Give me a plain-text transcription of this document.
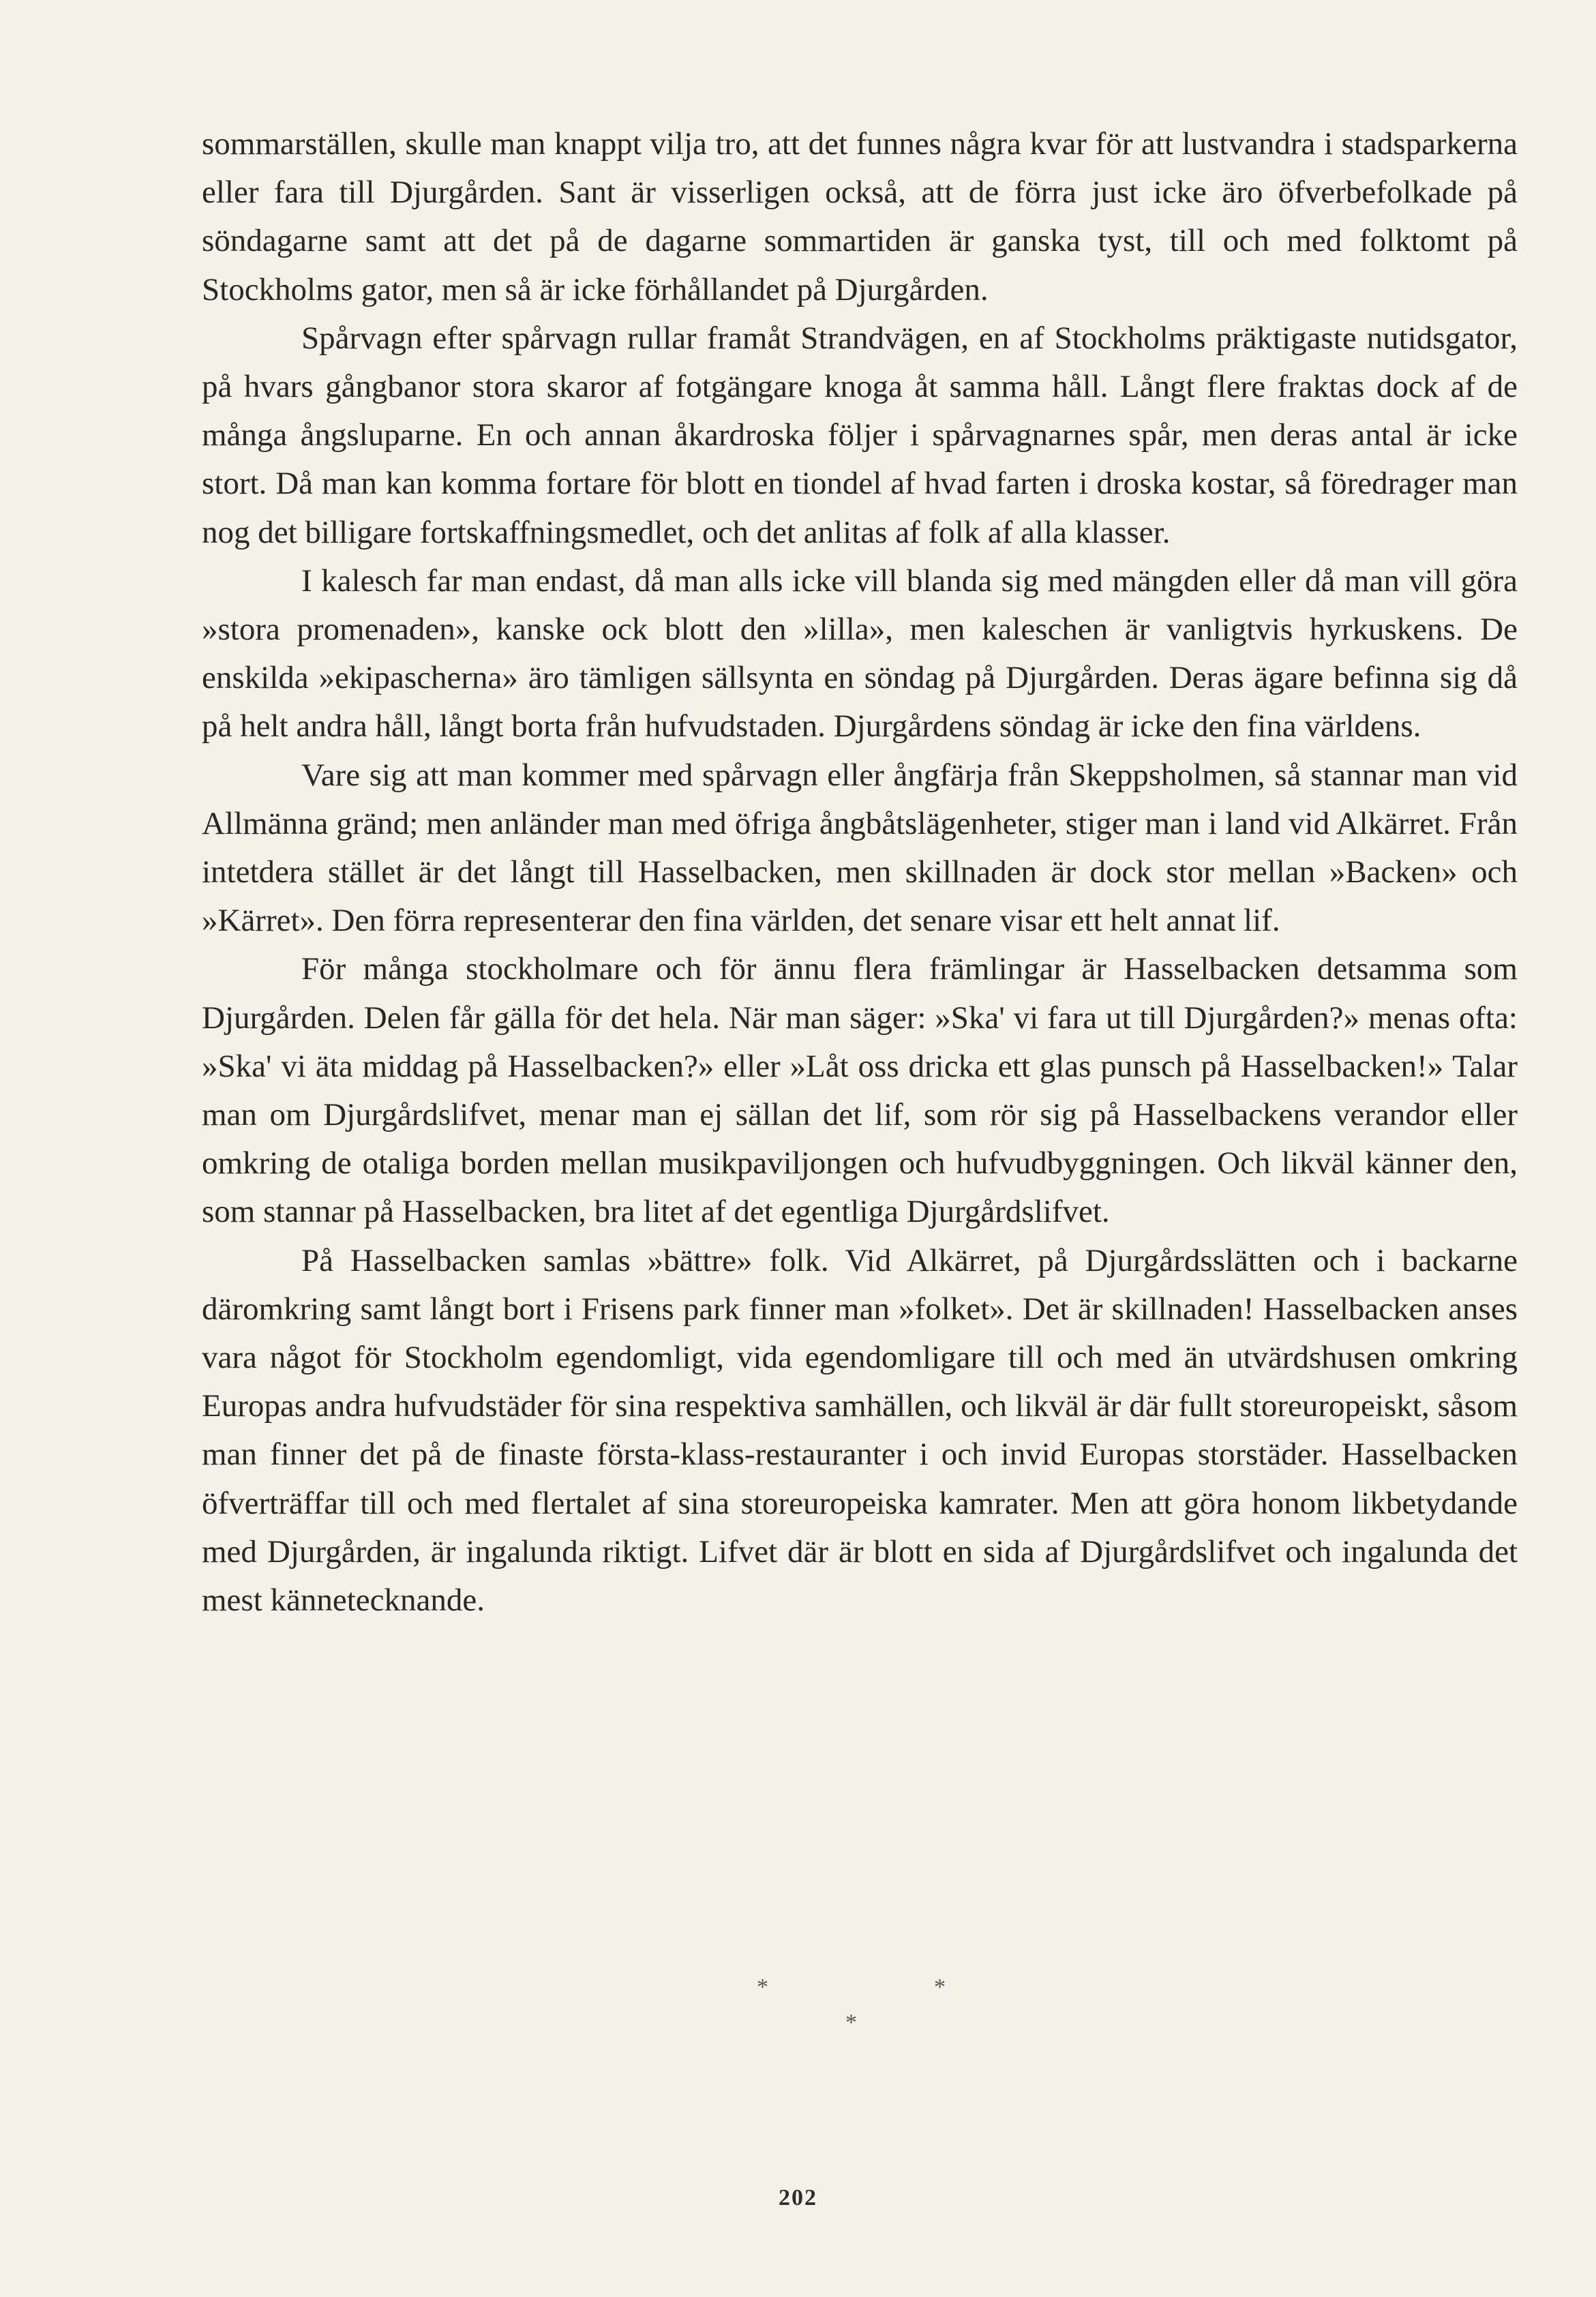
sommarställen, skulle man knappt vilja tro, att det funnes några kvar för att lustvandra i stadsparkerna eller fara till Djurgården. Sant är visserligen också, att de förra just icke äro öfverbefolkade på söndagarne samt att det på de dagarne sommartiden är ganska tyst, till och med folktomt på Stockholms gator, men så är icke förhållandet på Djurgården.

Spårvagn efter spårvagn rullar framåt Strandvägen, en af Stockholms präktigaste nutidsgator, på hvars gångbanor stora skaror af fotgängare knoga åt samma håll. Långt flere fraktas dock af de många ångsluparne. En och annan åkardroska följer i spårvagnarnes spår, men deras antal är icke stort. Då man kan komma fortare för blott en tiondel af hvad farten i droska kostar, så föredrager man nog det billigare fortskaffningsmedlet, och det anlitas af folk af alla klasser.

I kalesch far man endast, då man alls icke vill blanda sig med mängden eller då man vill göra »stora promenaden», kanske ock blott den »lilla», men kaleschen är vanligtvis hyrkuskens. De enskilda »ekipascherna» äro tämligen sällsynta en söndag på Djurgården. Deras ägare befinna sig då på helt andra håll, långt borta från hufvudstaden. Djurgårdens söndag är icke den fina världens.

Vare sig att man kommer med spårvagn eller ångfärja från Skeppsholmen, så stannar man vid Allmänna gränd; men anländer man med öfriga ångbåtslägenheter, stiger man i land vid Alkärret. Från intetdera stället är det långt till Hasselbacken, men skillnaden är dock stor mellan »Backen» och »Kärret». Den förra representerar den fina världen, det senare visar ett helt annat lif.

För många stockholmare och för ännu flera främlingar är Hasselbacken detsamma som Djurgården. Delen får gälla för det hela. När man säger: »Ska' vi fara ut till Djurgården?» menas ofta: »Ska' vi äta middag på Hasselbacken?» eller »Låt oss dricka ett glas punsch på Hasselbacken!» Talar man om Djurgårdslifvet, menar man ej sällan det lif, som rör sig på Hasselbackens verandor eller omkring de otaliga borden mellan musikpaviljongen och hufvudbyggningen. Och likväl känner den, som stannar på Hasselbacken, bra litet af det egentliga Djurgårdslifvet.

På Hasselbacken samlas »bättre» folk. Vid Alkärret, på Djurgårdsslätten och i backarne däromkring samt långt bort i Frisens park finner man »folket». Det är skillnaden! Hasselbacken anses vara något för Stockholm egendomligt, vida egendomligare till och med än utvärdshusen omkring Europas andra hufvudstäder för sina respektiva samhällen, och likväl är där fullt storeuropeiskt, såsom man finner det på de finaste första-klass-restauranter i och invid Europas storstäder. Hasselbacken öfverträffar till och med flertalet af sina storeuropeiska kamrater. Men att göra honom likbetydande med Djurgården, är ingalunda riktigt. Lifvet där är blott en sida af Djurgårdslifvet och ingalunda det mest kännetecknande.

*	*
*
202
